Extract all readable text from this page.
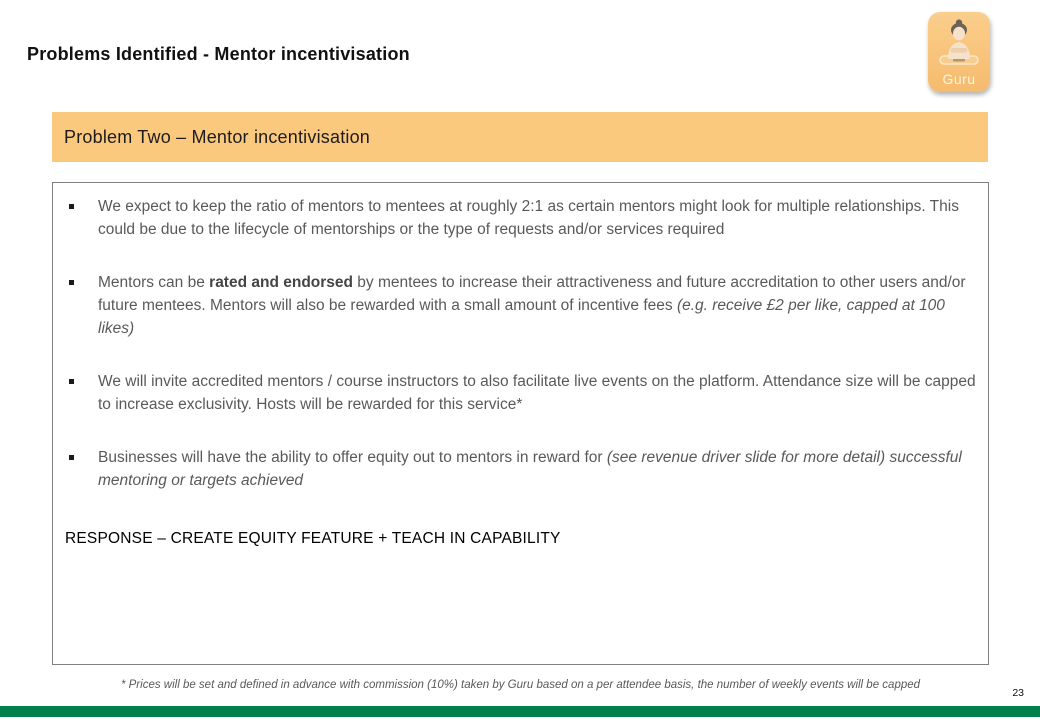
Problems Identified - Mentor incentivisation
Guru
Problem Two – Mentor incentivisation
We expect to keep the ratio of mentors to mentees at roughly 2:1 as certain mentors might look for multiple relationships. This could be due to the lifecycle of mentorships or the type of requests and/or services required
Mentors can be rated and endorsed by mentees to increase their attractiveness and future accreditation to other users and/or future mentees. Mentors will also be rewarded with a small amount of incentive fees (e.g. receive £2 per like, capped at 100 likes)
We will invite accredited mentors / course instructors to also facilitate live events on the platform. Attendance size will be capped to increase exclusivity. Hosts will be rewarded for this service*
Businesses will have the ability to offer equity out to mentors in reward for (see revenue driver slide for more detail) successful mentoring or targets achieved
RESPONSE – CREATE EQUITY FEATURE + TEACH IN CAPABILITY
* Prices will be set and defined in advance with commission (10%) taken by Guru based on a per attendee basis, the number of weekly events will be capped
23
